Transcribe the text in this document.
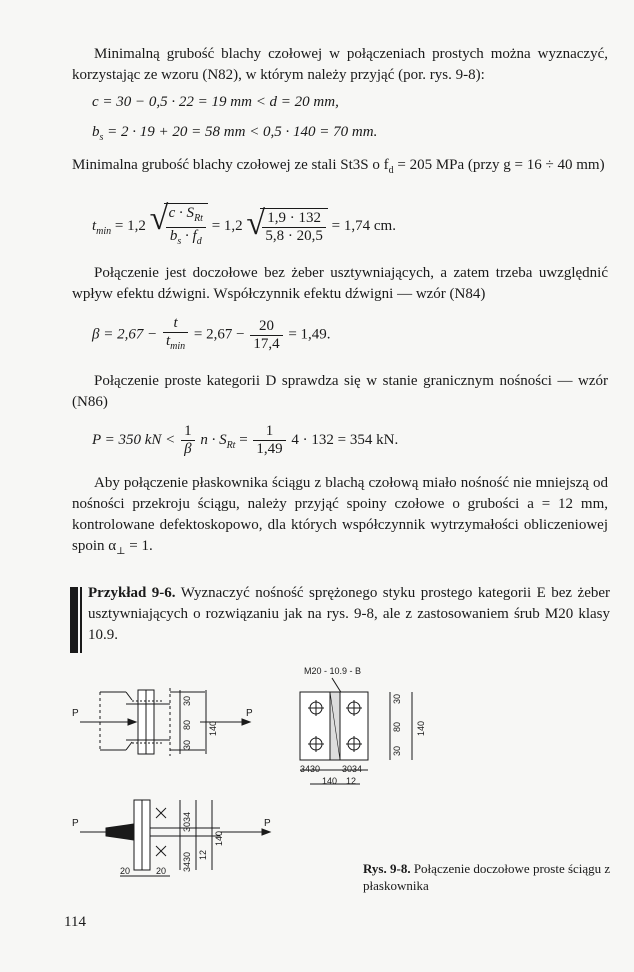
Minimalną grubość blachy czołowej w połączeniach prostych można wyznaczyć, korzystając ze wzoru (N82), w którym należy przyjąć (por. rys. 9-8):
c = 30 − 0,5 · 22 = 19 mm < d = 20 mm,
$b_s = 2 \cdot 19 + 20 = 58$ mm < 0,5 · 140 = 70 mm.
Minimalna grubość blachy czołowej ze stali St3S o $f_d = 205$ MPa (przy g = 16 ÷ 40 mm)
$t_{min} = 1,2$ √
$\frac{c \cdot S_{Rt}}{b_s \cdot f_d} = 1,2$ √
$\frac{1,9 \cdot 132}{5,8 \cdot 20,5} = 1,74$ cm.
Połączenie jest doczołowe bez żeber usztywniających, a zatem trzeba uwzględnić wpływ efektu dźwigni. Współczynnik efektu dźwigni — wzór (N84)
$\beta = 2,67 - \frac{t}{t_{min}} = 2,67 - \frac{20}{17,4} = 1,49$.
Połączenie proste kategorii D sprawdza się w stanie granicznym nośności — wzór (N86)
P = 350 kN < $\frac{1}{\beta}$ $n \cdot S_{Rt} = \frac{1}{1,49} 4 \cdot 132 = 354$ kN.
Aby połączenie płaskownika ściągu z blachą czołową miało nośność nie mniejszą od nośności przekroju ściągu, należy przyjąć spoiny czołowe o grubości a = 12 mm, kontrolowane defektoskopowo, dla których współczynnik wytrzymałości obliczeniowej spoin $\alpha_\perp = 1$.
Przykład 9-6. Wyznaczyć nośność sprężonego styku prostego kategorii E bez żeber usztywniających o rozwiązaniu jak na rys. 9-8, ale z zastosowaniem śrub M20 klasy 10.9.
P	P
30
80
30
140
M20 - 10.9 - B
30
80
30
140
3430 3034
140 12
P	P
3034
3430
140
12
20	20	Rys. 9-8. Połączenie doczołowe proste ściągu z płaskownika
114
